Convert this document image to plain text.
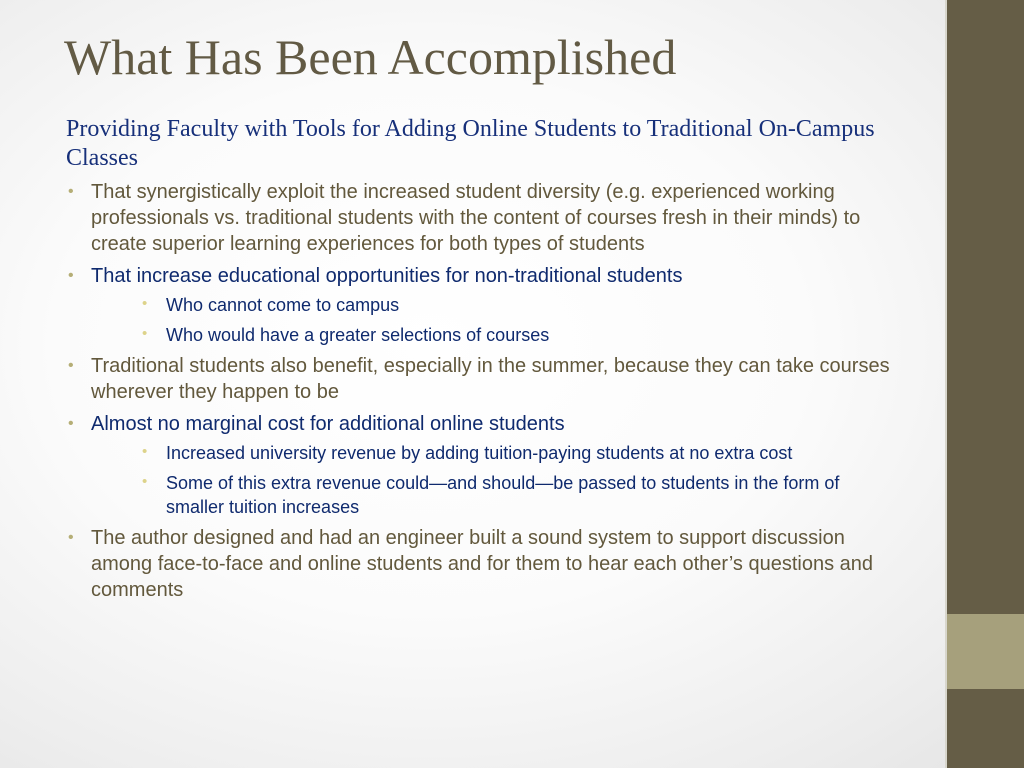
What Has Been Accomplished

Providing Faculty with Tools for Adding Online Students to Traditional On-Campus Classes

• That synergistically exploit the increased student diversity (e.g. experienced working professionals vs. traditional students with the content of courses fresh in their minds) to create superior learning experiences for both types of students
• That increase educational opportunities for non-traditional students
• Who cannot come to campus
• Who would have a greater selections of courses
• Traditional students also benefit, especially in the summer, because they can take courses wherever they happen to be
• Almost no marginal cost for additional online students
• Increased university revenue by adding tuition-paying students at no extra cost
• Some of this extra revenue could—and should—be passed to students in the form of smaller tuition increases
• The author designed and had an engineer built a sound system to support discussion among face-to-face and online students and for them to hear each other’s questions and comments
